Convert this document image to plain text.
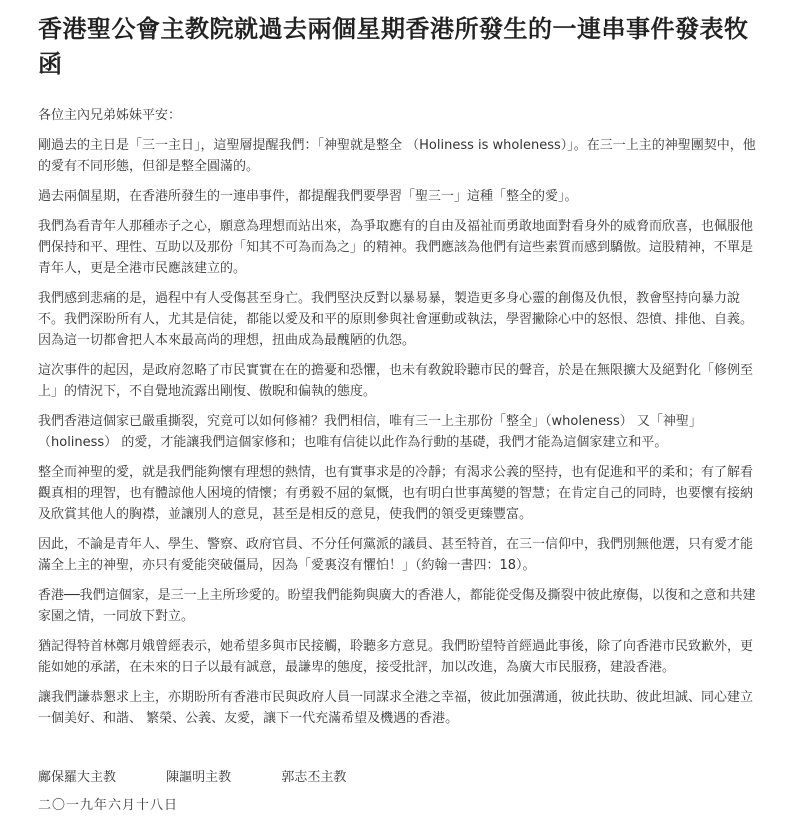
香港聖公會主教院就過去兩個星期香港所發生的一連串事件發表牧函
各位主內兄弟姊妹平安：
剛過去的主日是「三一主日」，這聖層提醒我們：「神聖就是整全 （Holiness is wholeness）」。在三一上主的神聖團契中，他的愛有不同形態，但卻是整全圓滿的。
過去兩個星期，在香港所發生的一連串事件，都提醒我們要學習「聖三一」這種「整全的愛」。
我們為看青年人那種赤子之心，願意為理想而站出來，為爭取應有的自由及福祉而勇敢地面對看身外的威脅而欣喜，也佩服他們保持和平、理性、互助以及那份「知其不可為而為之」的精神。我們應該為他們有這些素質而感到驕傲。這股精神，不單是青年人，更是全港市民應該建立的。
我們感到悲痛的是，過程中有人受傷甚至身亡。我們堅決反對以暴易暴，製造更多身心靈的創傷及仇恨，教會堅持向暴力說不。我們深盼所有人，尤其是信徒，都能以愛及和平的原則參與社會運動或執法，學習撇除心中的怒恨、怨憤、排他、自義。因為這一切都會把人本來最高尚的理想，扭曲成為最醜陋的仇怨。
這次事件的起因，是政府忽略了市民實實在在的擔憂和恐懼，也未有敎銳聆聽市民的聲音，於是在無限擴大及絕對化「修例至上」的情況下，不自覺地流露出剛愎、傲睨和偏執的態度。
我們香港這個家已嚴重撕裂，究竟可以如何修補？我們相信，唯有三一上主那份「整全」（wholeness） 又「神聖」（holiness） 的愛，才能讓我們這個家修和；也唯有信徒以此作為行動的基礎，我們才能為這個家建立和平。
整全而神聖的愛，就是我們能夠懷有理想的熱情，也有實事求是的冷靜；有渴求公義的堅持，也有促進和平的柔和；有了解看觀真相的理智，也有體諒他人困境的情懷；有勇毅不屈的氣慨，也有明白世事萬變的智慧；在肯定自己的同時，也要懷有接納及欣賞其他人的胸襟，並讓別人的意見，甚至是相反的意見，使我們的領受更臻豐富。
因此，不論是青年人、學生、警察、政府官員、不分任何黨派的議員、甚至特首，在三一信仰中，我們別無他選，只有愛才能滿全上主的神聖，亦只有愛能突破僵局，因為「愛裏沒有懼怕！」（約翰一書四：18）。
香港──我們這個家，是三一上主所珍愛的。盼望我們能夠與廣大的香港人，都能從受傷及撕裂中彼此療傷，以復和之意和共建家園之情，一同放下對立。
猶記得特首林鄭月娥曾經表示，她希望多與市民接觸，聆聽多方意見。我們盼望特首經過此事後，除了向香港市民致歉外，更能如她的承諾，在未來的日子以最有誠意，最謙卑的態度，接受批評，加以改進，為廣大市民服務，建設香港。
讓我們謙恭懇求上主，亦期盼所有香港市民與政府人員一同謀求全港之幸福，彼此加强溝通，彼此扶助、彼此坦誠、同心建立一個美好、和諧、 繁榮、公義、友愛，讓下一代充滿希望及機遇的香港。
鄺保羅大主教	陳謳明主教	郭志丕主教
二〇一九年六月十八日
